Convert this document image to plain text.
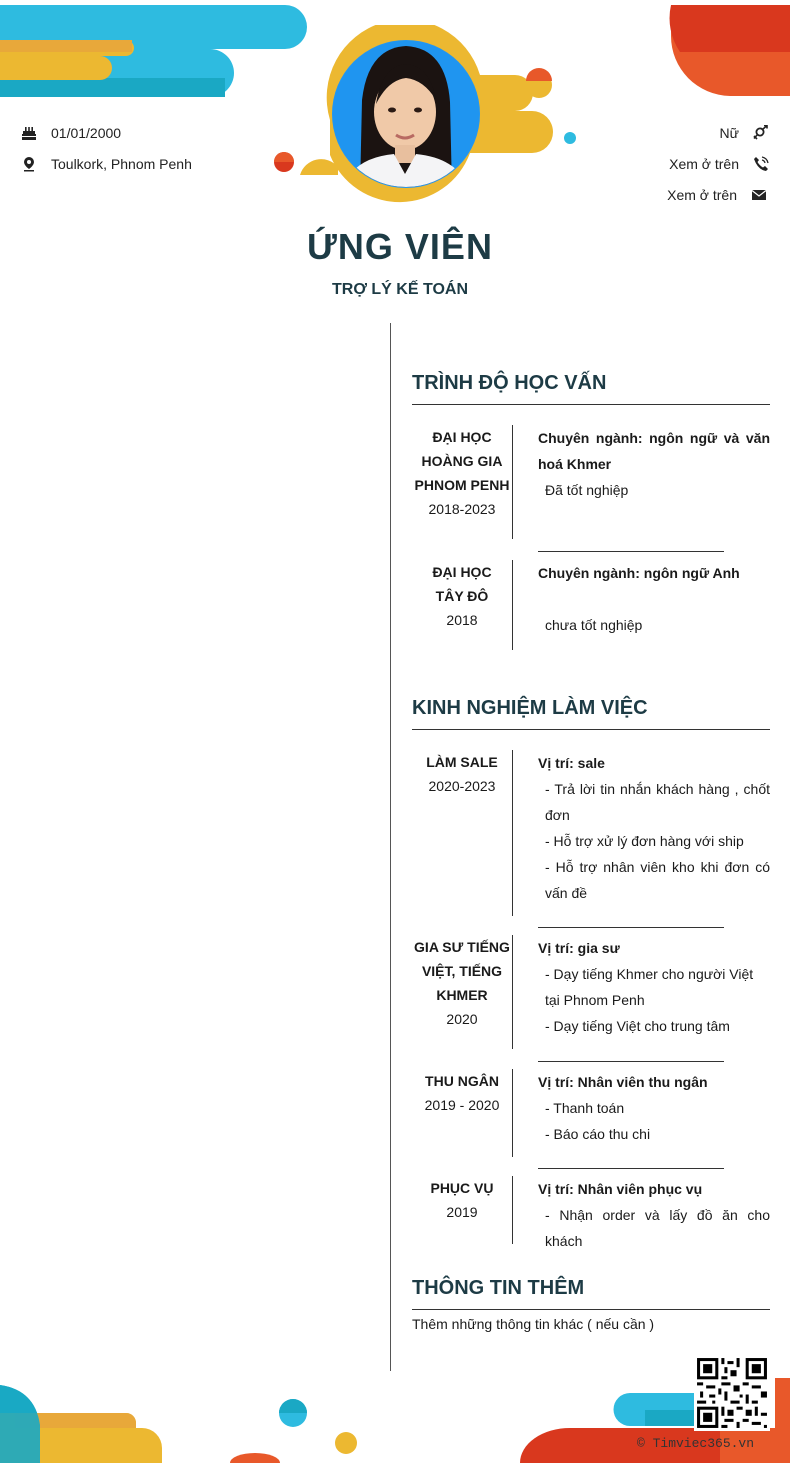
01/01/2000
Toulkork, Phnom Penh
Nữ
Xem ở trên
Xem ở trên
ỨNG VIÊN
TRỢ LÝ KẾ TOÁN
TRÌNH ĐỘ HỌC VẤN
ĐẠI HỌC HOÀNG GIA PHNOM PENH
2018-2023
Chuyên ngành: ngôn ngữ và văn hoá Khmer
Đã tốt nghiệp
ĐẠI HỌC TÂY ĐÔ
2018
Chuyên ngành: ngôn ngữ Anh
chưa tốt nghiệp
KINH NGHIỆM LÀM VIỆC
LÀM SALE
2020-2023
Vị trí: sale
- Trả lời tin nhắn khách hàng , chốt đơn
- Hỗ trợ xử lý đơn hàng với ship
- Hỗ trợ nhân viên kho khi đơn có vấn đề
GIA SƯ TIẾNG VIỆT, TIẾNG KHMER
2020
Vị trí: gia sư
- Dạy tiếng Khmer cho người Việt tại Phnom Penh
- Dạy tiếng Việt cho trung tâm
THU NGÂN
2019 - 2020
Vị trí: Nhân viên thu ngân
- Thanh toán
- Báo cáo thu chi
PHỤC VỤ
2019
Vị trí: Nhân viên phục vụ
- Nhận order và lấy đồ ăn cho khách
THÔNG TIN THÊM
Thêm những thông tin khác ( nếu cần )
© Timviec365.vn
